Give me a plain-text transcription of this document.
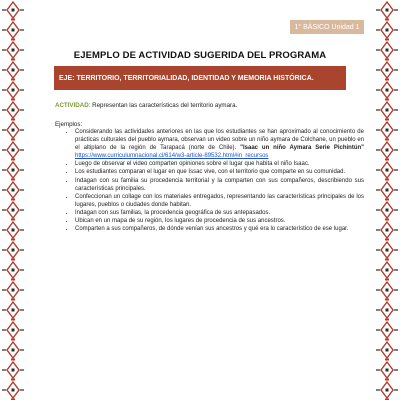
1° BÁSICO Unidad 1
EJEMPLO DE ACTIVIDAD SUGERIDA DEL PROGRAMA
EJE: TERRITORIO, TERRITORIALIDAD, IDENTIDAD Y MEMORIA HISTÓRICA.
ACTIVIDAD: Representan las características del territorio aymara.
Ejemplos:
• Considerando las actividades anteriores en las que los estudiantes se han aproximado al conocimiento de prácticas culturales del pueblo aymara, observan un video sobre un niño aymara de Colchane, un pueblo en el altiplano de la región de Tarapacá (norte de Chile). "Isaac un niño Aymara Serie Pichintún" https://www.curriculumnacional.cl/614/w3-article-89532.html#in_recursos
• Luego de observar el video comparten opiniones sobre el lugar que habita el niño Isaac.
• Los estudiantes comparan el lugar en que Issac vive, con el territorio que comparte en su comunidad.
• Indagan con su familia su procedencia territorial y la comparten con sus compañeros, describiendo sus características principales.
• Confeccionan un collage con los materiales entregados, representando las características principales de los lugares, pueblos o ciudades donde habitan.
• Indagan con sus familias, la procedencia geográfica de sus antepasados.
• Ubican en un mapa de su región, los lugares de procedencia de sus ancestros.
• Comparten a sus compañeros, de dónde venían sus ancestros y qué era lo característico de ese lugar.
